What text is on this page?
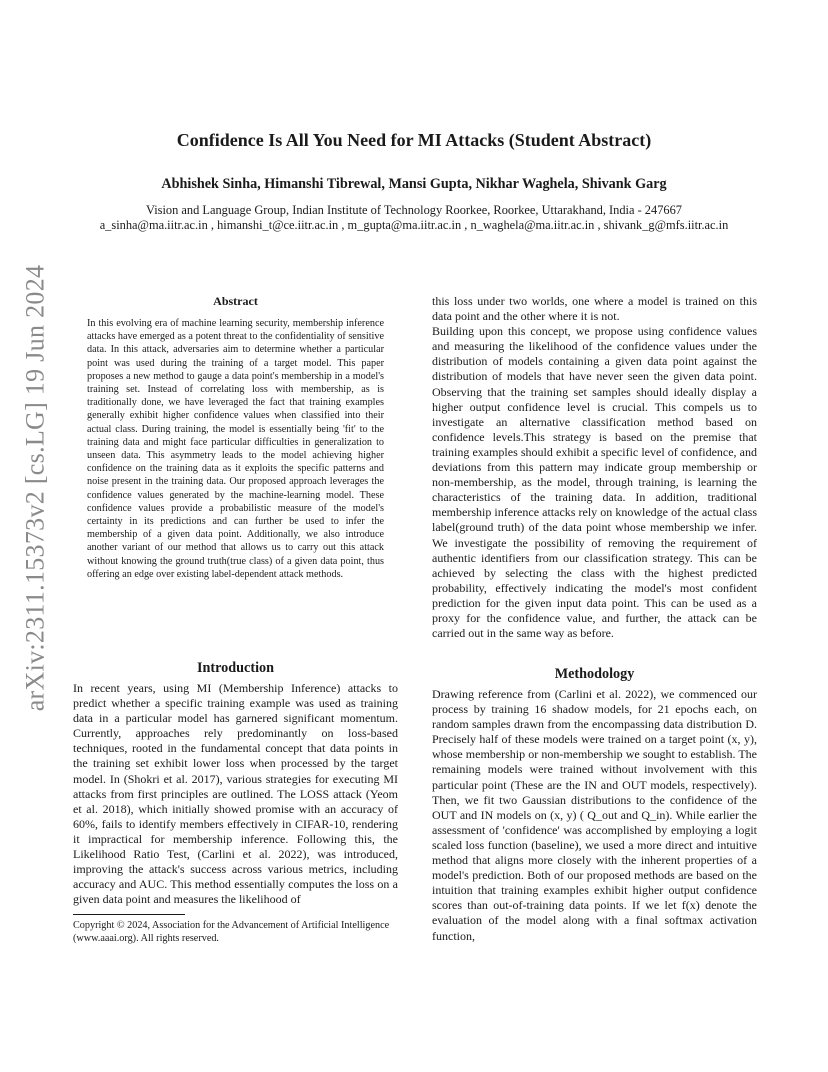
arXiv:2311.15373v2 [cs.LG] 19 Jun 2024
Confidence Is All You Need for MI Attacks (Student Abstract)
Abhishek Sinha, Himanshi Tibrewal, Mansi Gupta, Nikhar Waghela, Shivank Garg
Vision and Language Group, Indian Institute of Technology Roorkee, Roorkee, Uttarakhand, India - 247667
a_sinha@ma.iitr.ac.in , himanshi_t@ce.iitr.ac.in , m_gupta@ma.iitr.ac.in , n_waghela@ma.iitr.ac.in , shivank_g@mfs.iitr.ac.in
Abstract

In this evolving era of machine learning security, membership inference attacks have emerged as a potent threat to the confidentiality of sensitive data. In this attack, adversaries aim to determine whether a particular point was used during the training of a target model. This paper proposes a new method to gauge a data point's membership in a model's training set. Instead of correlating loss with membership, as is traditionally done, we have leveraged the fact that training examples generally exhibit higher confidence values when classified into their actual class. During training, the model is essentially being 'fit' to the training data and might face particular difficulties in generalization to unseen data. This asymmetry leads to the model achieving higher confidence on the training data as it exploits the specific patterns and noise present in the training data. Our proposed approach leverages the confidence values generated by the machine-learning model. These confidence values provide a probabilistic measure of the model's certainty in its predictions and can further be used to infer the membership of a given data point. Additionally, we also introduce another variant of our method that allows us to carry out this attack without knowing the ground truth(true class) of a given data point, thus offering an edge over existing label-dependent attack methods.

Introduction

In recent years, using MI (Membership Inference) attacks to predict whether a specific training example was used as training data in a particular model has garnered significant momentum. Currently, approaches rely predominantly on loss-based techniques, rooted in the fundamental concept that data points in the training set exhibit lower loss when processed by the target model. In (Shokri et al. 2017), various strategies for executing MI attacks from first principles are outlined. The LOSS attack (Yeom et al. 2018), which initially showed promise with an accuracy of 60%, fails to identify members effectively in CIFAR-10, rendering it impractical for membership inference. Following this, the Likelihood Ratio Test, (Carlini et al. 2022), was introduced, improving the attack's success across various metrics, including accuracy and AUC. This method essentially computes the loss on a given data point and measures the likelihood of

Copyright © 2024, Association for the Advancement of Artificial Intelligence (www.aaai.org). All rights reserved.

this loss under two worlds, one where a model is trained on this data point and the other where it is not.

Building upon this concept, we propose using confidence values and measuring the likelihood of the confidence values under the distribution of models containing a given data point against the distribution of models that have never seen the given data point. Observing that the training set samples should ideally display a higher output confidence level is crucial. This compels us to investigate an alternative classification method based on confidence levels.This strategy is based on the premise that training examples should exhibit a specific level of confidence, and deviations from this pattern may indicate group membership or non-membership, as the model, through training, is learning the characteristics of the training data. In addition, traditional membership inference attacks rely on knowledge of the actual class label(ground truth) of the data point whose membership we infer. We investigate the possibility of removing the requirement of authentic identifiers from our classification strategy. This can be achieved by selecting the class with the highest predicted probability, effectively indicating the model's most confident prediction for the given input data point. This can be used as a proxy for the confidence value, and further, the attack can be carried out in the same way as before.

Methodology

Drawing reference from (Carlini et al. 2022), we commenced our process by training 16 shadow models, for 21 epochs each, on random samples drawn from the encompassing data distribution D. Precisely half of these models were trained on a target point (x, y), whose membership or non-membership we sought to establish. The remaining models were trained without involvement with this particular point (These are the IN and OUT models, respectively). Then, we fit two Gaussian distributions to the confidence of the OUT and IN models on (x, y) ( Q_out and Q_in). While earlier the assessment of 'confidence' was accomplished by employing a logit scaled loss function (baseline), we used a more direct and intuitive method that aligns more closely with the inherent properties of a model's prediction. Both of our proposed methods are based on the intuition that training examples exhibit higher output confidence scores than out-of-training data points. If we let f(x) denote the evaluation of the model along with a final softmax activation function,
